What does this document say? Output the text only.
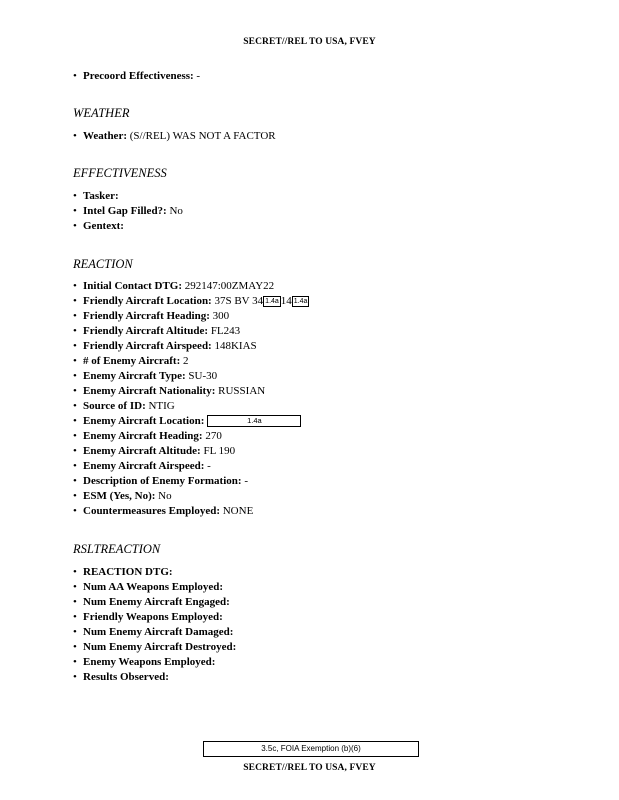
SECRET//REL TO USA, FVEY
• Precoord Effectiveness: -
WEATHER
• Weather: (S//REL) WAS NOT A FACTOR
EFFECTIVENESS
• Tasker:
• Intel Gap Filled?: No
• Gentext:
REACTION
• Initial Contact DTG: 292147:00ZMAY22
• Friendly Aircraft Location: 37S BV 34 1.4a 14 1.4a
• Friendly Aircraft Heading: 300
• Friendly Aircraft Altitude: FL243
• Friendly Aircraft Airspeed: 148KIAS
• # of Enemy Aircraft: 2
• Enemy Aircraft Type: SU-30
• Enemy Aircraft Nationality: RUSSIAN
• Source of ID: NTIG
• Enemy Aircraft Location:	1.4a
• Enemy Aircraft Heading: 270
• Enemy Aircraft Altitude: FL 190
• Enemy Aircraft Airspeed: -
• Description of Enemy Formation: -
• ESM (Yes, No): No
• Countermeasures Employed: NONE
RSLTREACTION
• REACTION DTG:
• Num AA Weapons Employed:
• Num Enemy Aircraft Engaged:
• Friendly Weapons Employed:
• Num Enemy Aircraft Damaged:
• Num Enemy Aircraft Destroyed:
• Enemy Weapons Employed:
• Results Observed:
3.5c, FOIA Exemption (b)(6)
SECRET//REL TO USA, FVEY
